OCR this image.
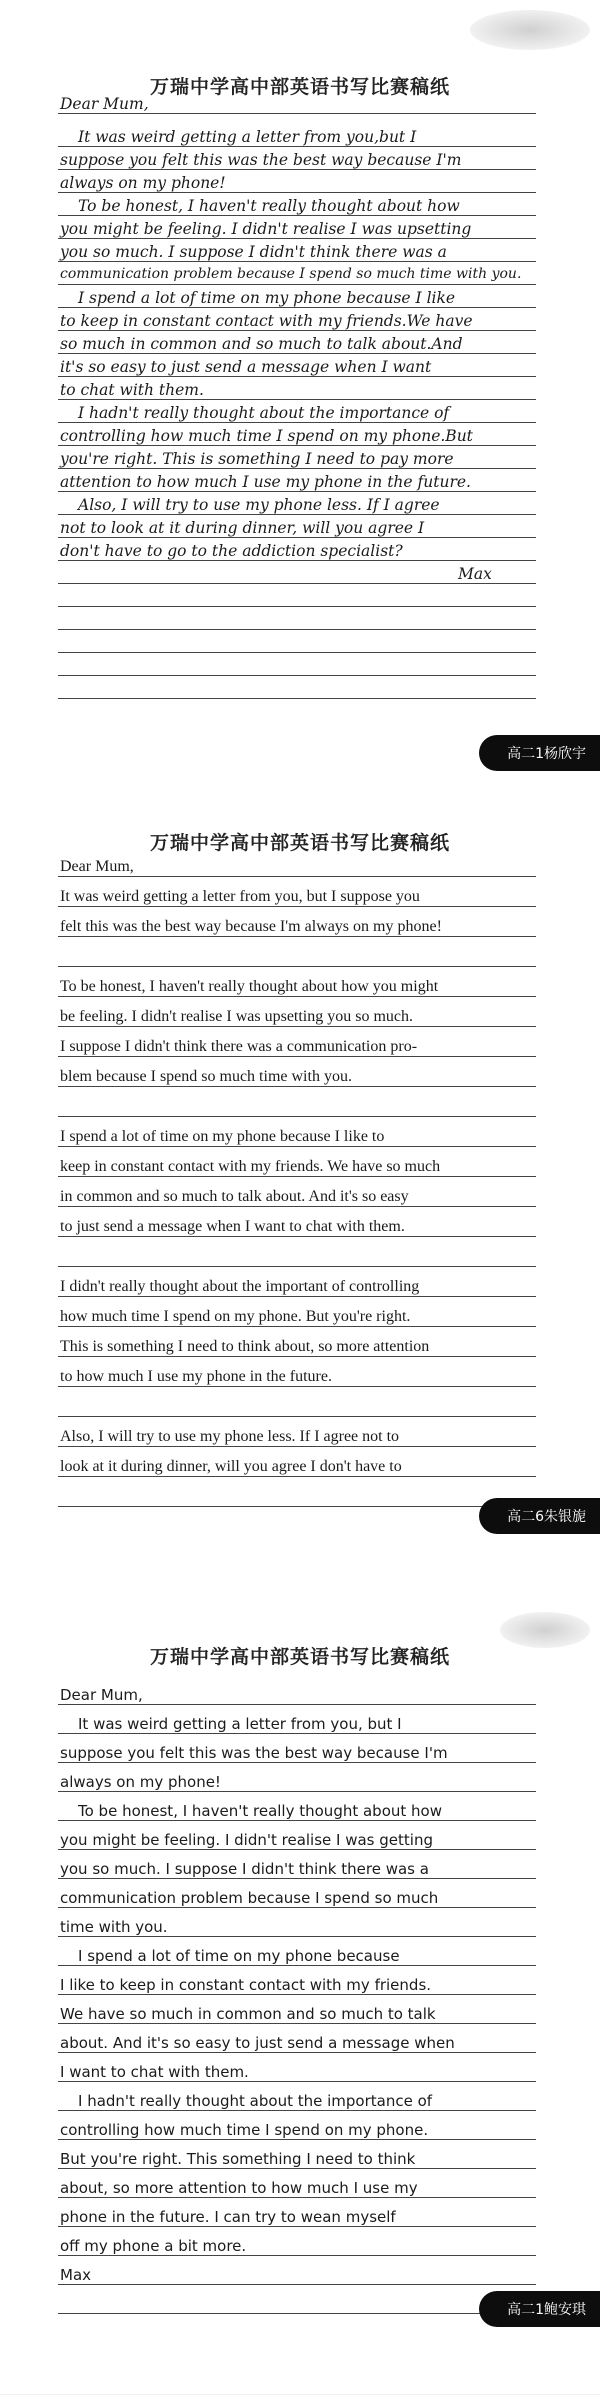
万瑞中学高中部英语书写比赛稿纸
Dear Mum,
It was weird getting a letter from you,but I
suppose you felt this was the best way because I'm
always on my phone!
To be honest, I haven't really thought about how
you might be feeling. I didn't realise I was upsetting
you so much. I suppose I didn't think there was a
communication problem because I spend so much time with you.
I spend a lot of time on my phone because I like
to keep in constant contact with my friends.We have
so much in common and so much to talk about.And
it's so easy to just send a message when I want
to chat with them.
I hadn't really thought about the importance of
controlling how much time I spend on my phone.But
you're right. This is something I need to pay more
attention to how much I use my phone in the future.
Also, I will try to use my phone less. If I agree
not to look at it during dinner, will you agree I
don't have to go to the addiction specialist?
Max
高二1杨欣宇
万瑞中学高中部英语书写比赛稿纸
Dear Mum,
It was weird getting a letter from you, but I suppose you
felt this was the best way because I'm always on my phone!
To be honest, I haven't really thought about how you might
be feeling. I didn't realise I was upsetting you so much.
I suppose I didn't think there was a communication pro-
blem because I spend so much time with you.
I spend a lot of time on my phone because I like to
keep in constant contact with my friends. We have so much
in common and so much to talk about. And it's so easy
to just send a message when I want to chat with them.
I didn't really thought about the important of controlling
how much time I spend on my phone. But you're right.
This is something I need to think about, so more attention
to how much I use my phone in the future.
Also, I will try to use my phone less. If I agree not to
look at it during dinner, will you agree I don't have to
高二6朱银旎
万瑞中学高中部英语书写比赛稿纸
Dear Mum,
It was weird getting a letter from you, but I
suppose you felt this was the best way because I'm
always on my phone!
To be honest, I haven't really thought about how
you might be feeling. I didn't realise I was getting
you so much. I suppose I didn't think there was a
communication problem because I spend so much
time with you.
I spend a lot of time on my phone because
I like to keep in constant contact with my friends.
We have so much in common and so much to talk
about. And it's so easy to just send a message when
I want to chat with them.
I hadn't really thought about the importance of
controlling how much time I spend on my phone.
But you're right. This something I need to think
about, so more attention to how much I use my
phone in the future. I can try to wean myself
off my phone a bit more.
Max
高二1鲍安琪
